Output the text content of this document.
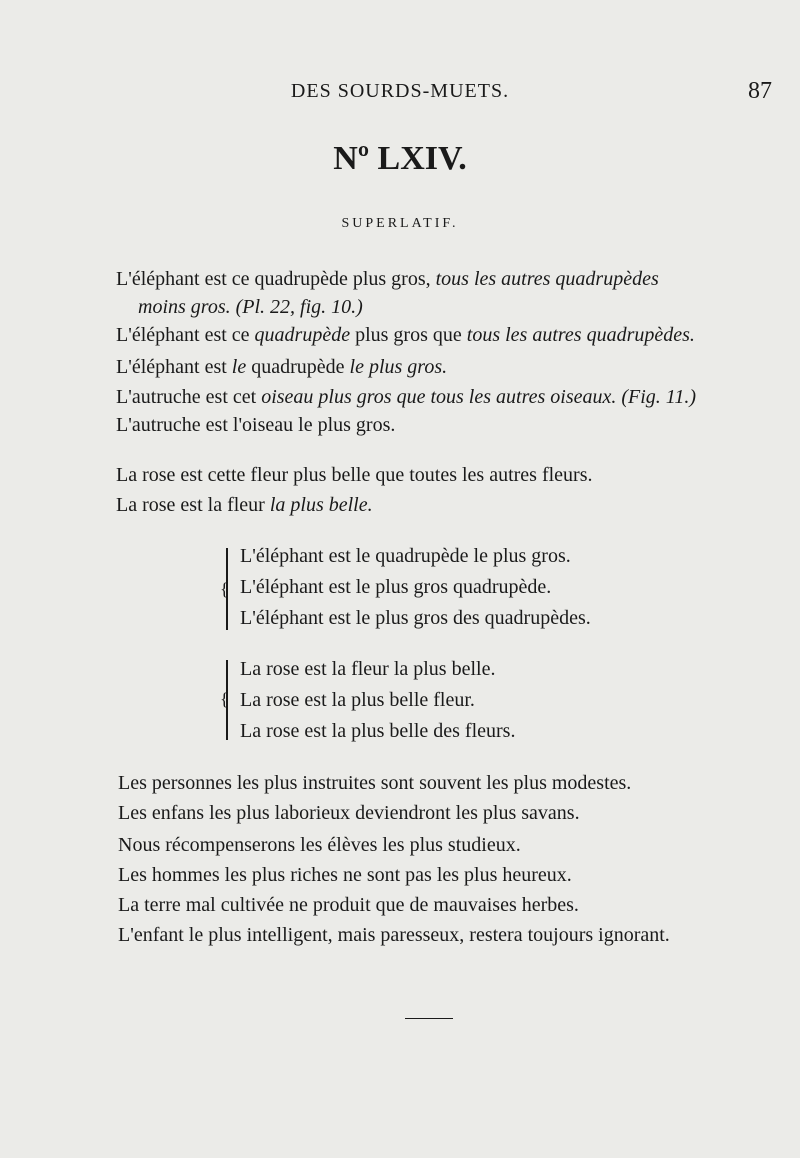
DES SOURDS-MUETS.	87
Nº LXIV.
SUPERLATIF.
L'éléphant est ce quadrupède plus gros, tous les autres quadrupèdes
moins gros. (Pl. 22, fig. 10.)
L'éléphant est ce quadrupède plus gros que tous les autres quadrupèdes.
L'éléphant est le quadrupède le plus gros.
L'autruche est cet oiseau plus gros que tous les autres oiseaux. (Fig. 11.)
L'autruche est l'oiseau le plus gros.
La rose est cette fleur plus belle que toutes les autres fleurs.
La rose est la fleur la plus belle.
{
L'éléphant est le quadrupède le plus gros.
L'éléphant est le plus gros quadrupède.
L'éléphant est le plus gros des quadrupèdes.
{
La rose est la fleur la plus belle.
La rose est la plus belle fleur.
La rose est la plus belle des fleurs.
Les personnes les plus instruites sont souvent les plus modestes.
Les enfans les plus laborieux deviendront les plus savans.
Nous récompenserons les élèves les plus studieux.
Les hommes les plus riches ne sont pas les plus heureux.
La terre mal cultivée ne produit que de mauvaises herbes.
L'enfant le plus intelligent, mais paresseux, restera toujours ignorant.
